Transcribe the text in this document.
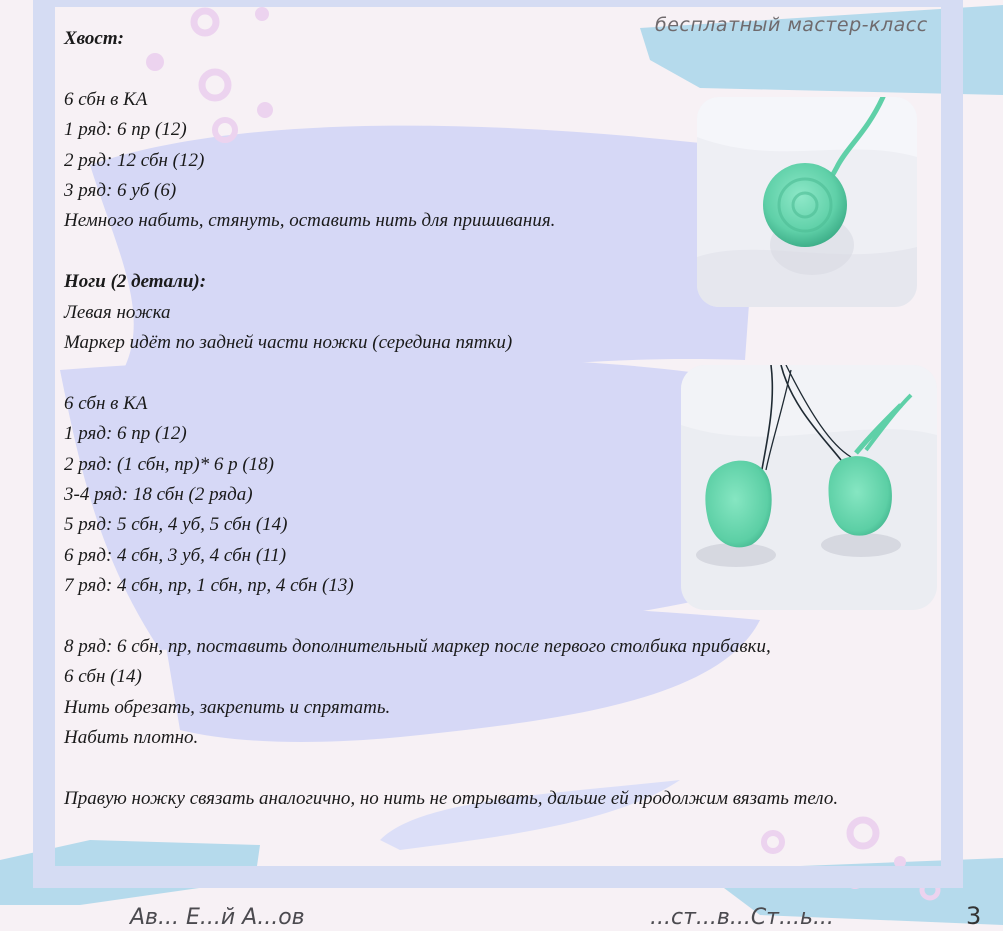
бесплатный мастер-класс

Хвост:

6 сбн в КА

1 ряд: 6 пр (12)

2 ряд: 12 сбн (12)

3 ряд: 6 уб (6)

Немного набить, стянуть, оставить нить для пришивания.

Ноги (2 детали):

Левая ножка

Маркер идёт по задней части ножки (середина пятки)

6 сбн в КА

1 ряд: 6 пр (12)

2 ряд: (1 сбн, пр)* 6 р (18)

3-4 ряд: 18 сбн (2 ряда)

5 ряд: 5 сбн, 4 уб, 5 сбн (14)

6 ряд: 4 сбн, 3 уб, 4 сбн (11)

7 ряд: 4 сбн, пр, 1 сбн, пр, 4 сбн (13)

8 ряд: 6 сбн, пр, поставить дополнительный маркер после первого столбика прибавки,

6 сбн (14)

Нить обрезать, закрепить и спрятать.

Набить плотно.

Правую ножку связать аналогично, но нить не отрывать, дальше ей продолжим вязать тело.

Ав... Е...й А...ов	...ст...в...Ст...ь...	3
